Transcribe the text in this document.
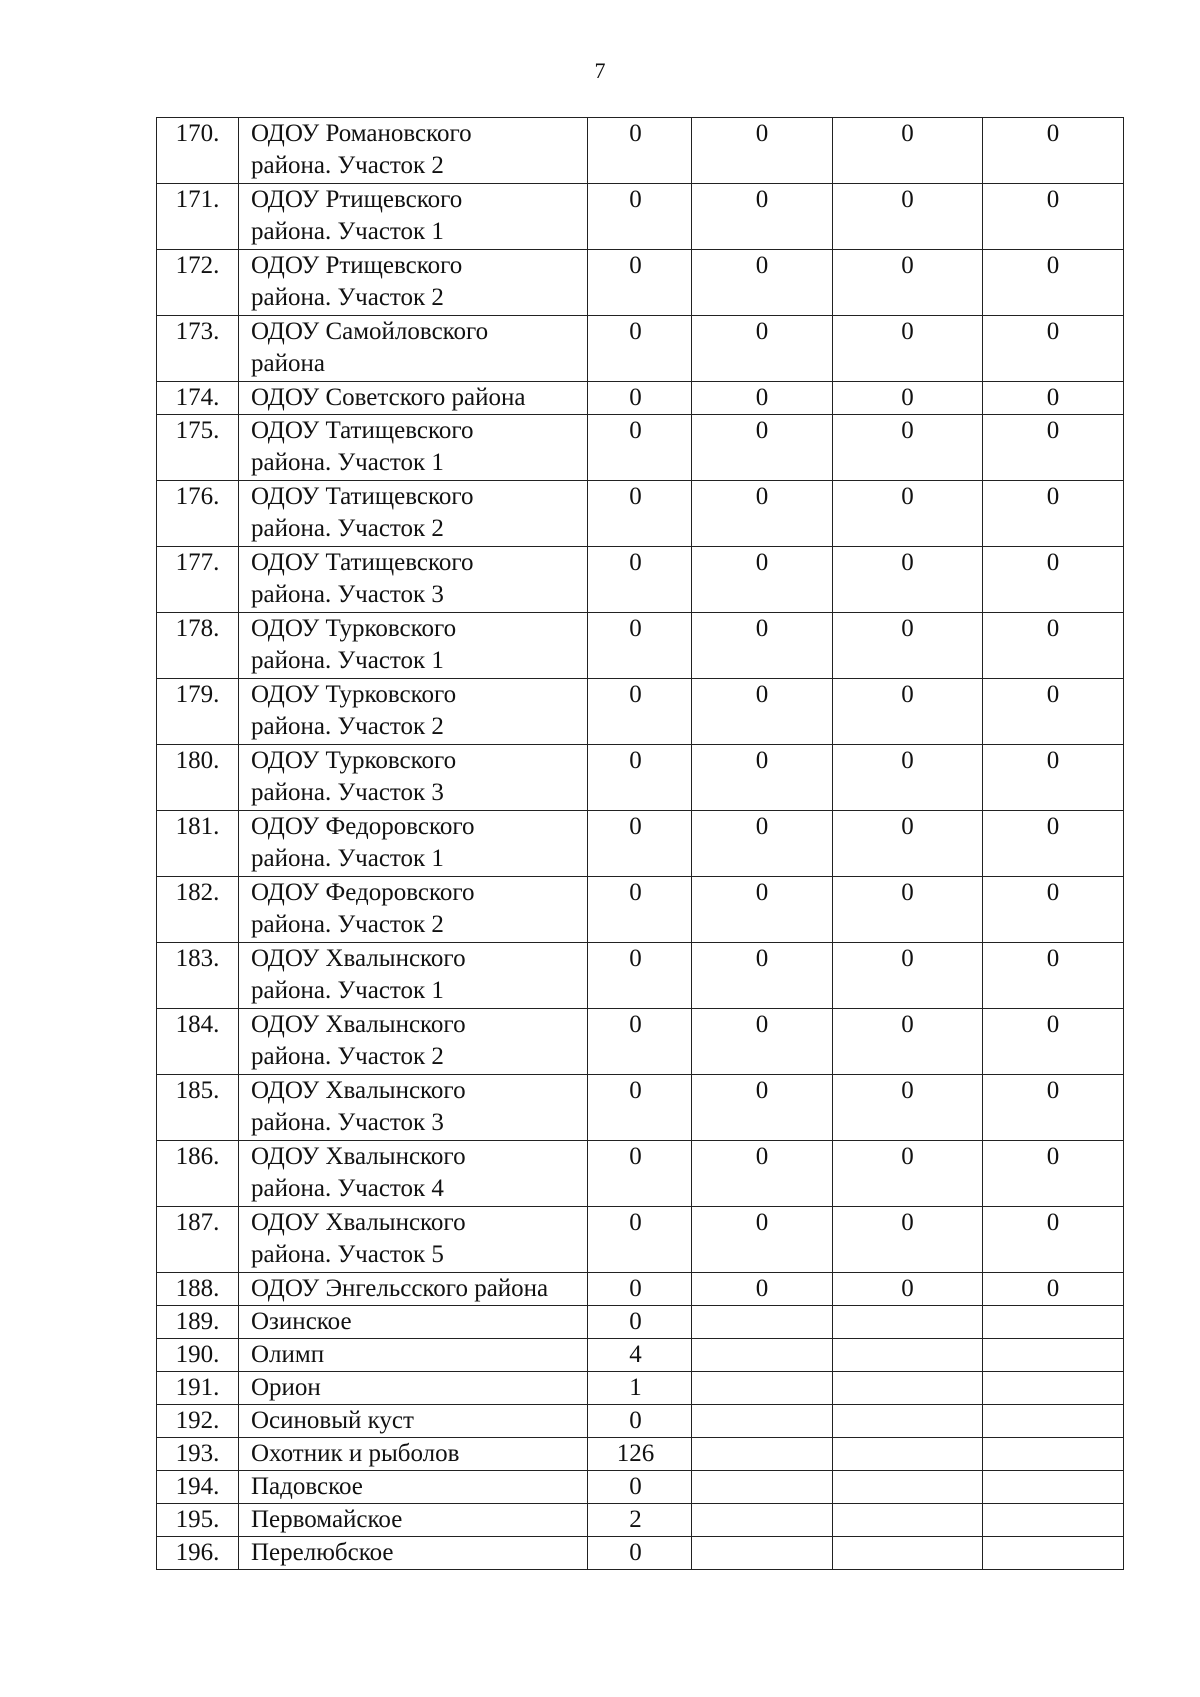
7
170.	ОДОУ Романовского
района. Участок 2	0	0	0	0
171.	ОДОУ Ртищевского
района. Участок 1	0	0	0	0
172.	ОДОУ Ртищевского
района. Участок 2	0	0	0	0
173.	ОДОУ Самойловского
района	0	0	0	0
174.	ОДОУ Советского района	0	0	0	0
175.	ОДОУ Татищевского
района. Участок 1	0	0	0	0
176.	ОДОУ Татищевского
района. Участок 2	0	0	0	0
177.	ОДОУ Татищевского
района. Участок 3	0	0	0	0
178.	ОДОУ Турковского
района. Участок 1	0	0	0	0
179.	ОДОУ Турковского
района. Участок 2	0	0	0	0
180.	ОДОУ Турковского
района. Участок 3	0	0	0	0
181.	ОДОУ Федоровского
района. Участок 1	0	0	0	0
182.	ОДОУ Федоровского
района. Участок 2	0	0	0	0
183.	ОДОУ Хвалынского
района. Участок 1	0	0	0	0
184.	ОДОУ Хвалынского
района. Участок 2	0	0	0	0
185.	ОДОУ Хвалынского
района. Участок 3	0	0	0	0
186.	ОДОУ Хвалынского
района. Участок 4	0	0	0	0
187.	ОДОУ Хвалынского
района. Участок 5	0	0	0	0
188.	ОДОУ Энгельсского района	0	0	0	0
189.	Озинское	0			
190.	Олимп	4			
191.	Орион	1			
192.	Осиновый куст	0			
193.	Охотник и рыболов	126			
194.	Падовское	0			
195.	Первомайское	2			
196.	Перелюбское	0			
